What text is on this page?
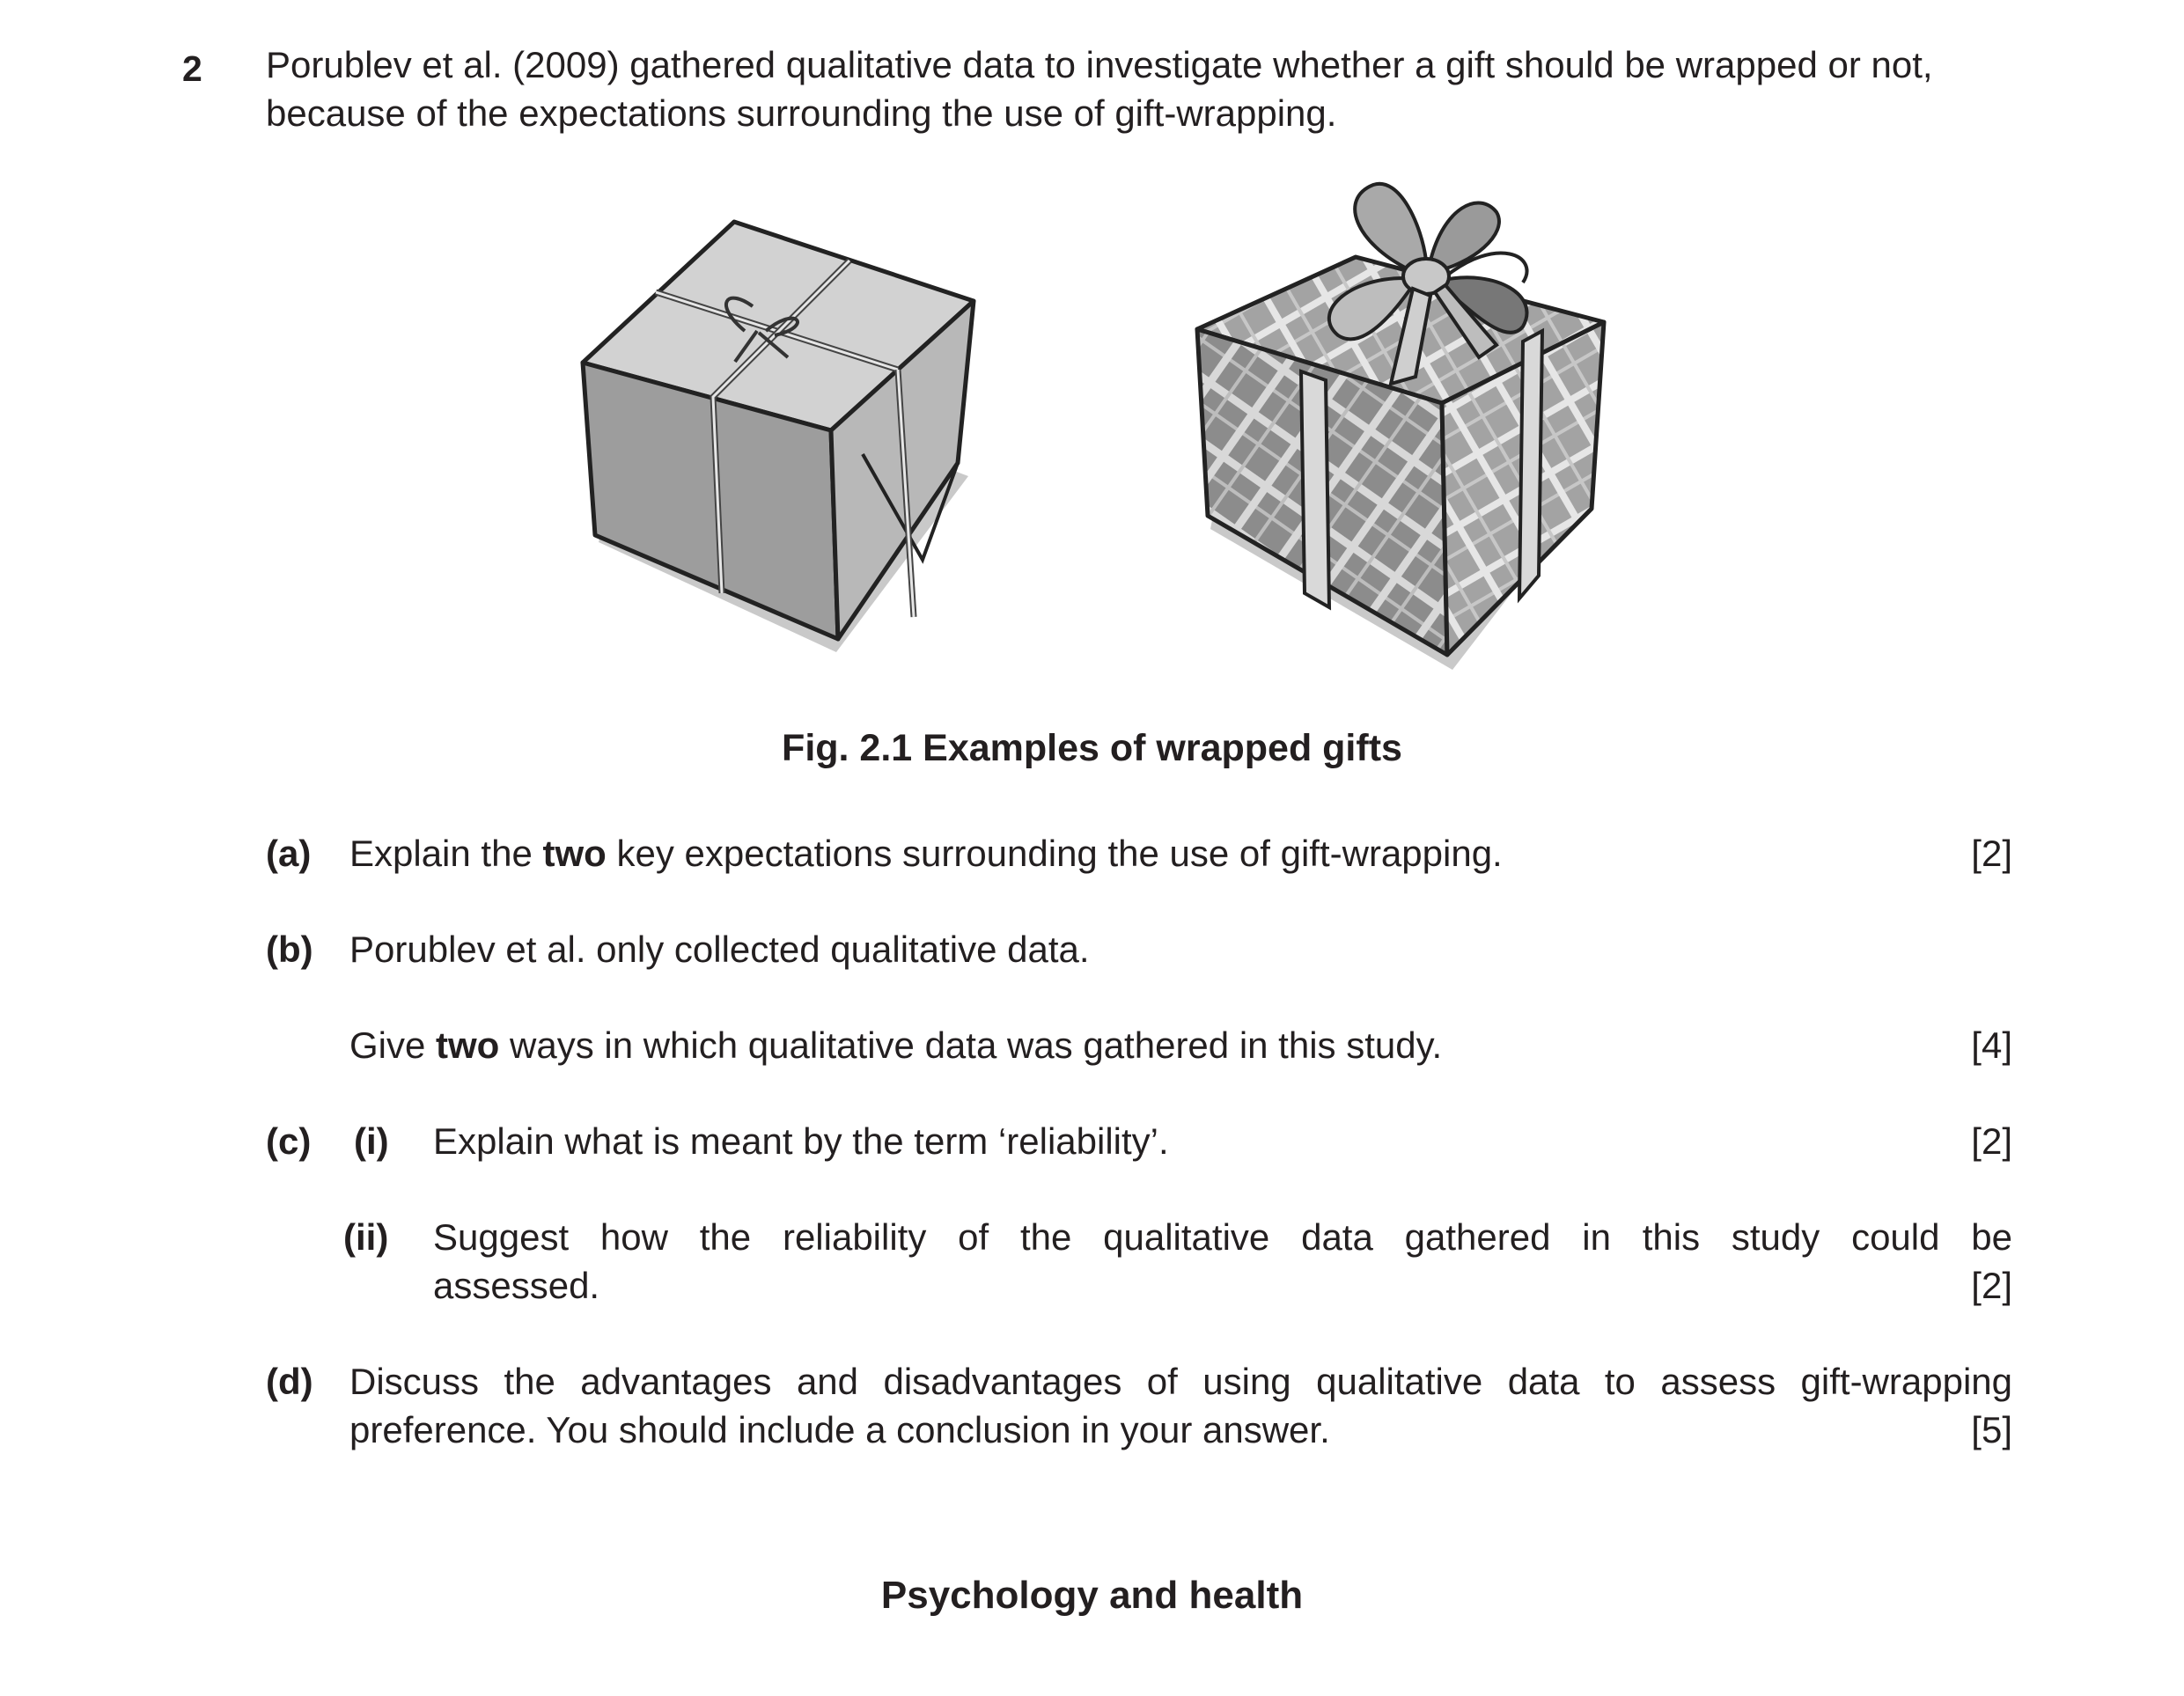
2 Porublev et al. (2009) gathered qualitative data to investigate whether a gift should be wrapped or not, because of the expectations surrounding the use of gift-wrapping.
Fig. 2.1 Examples of wrapped gifts
(a) Explain the two key expectations surrounding the use of gift-wrapping.	[2]
(b) Porublev et al. only collected qualitative data.
Give two ways in which qualitative data was gathered in this study.	[4]
(c) (i) Explain what is meant by the term ‘reliability’.	[2]
(ii) Suggest how the reliability of the qualitative data gathered in this study could be
assessed.	[2]
(d) Discuss the advantages and disadvantages of using qualitative data to assess gift-wrapping
preference. You should include a conclusion in your answer.	[5]
Psychology and health
